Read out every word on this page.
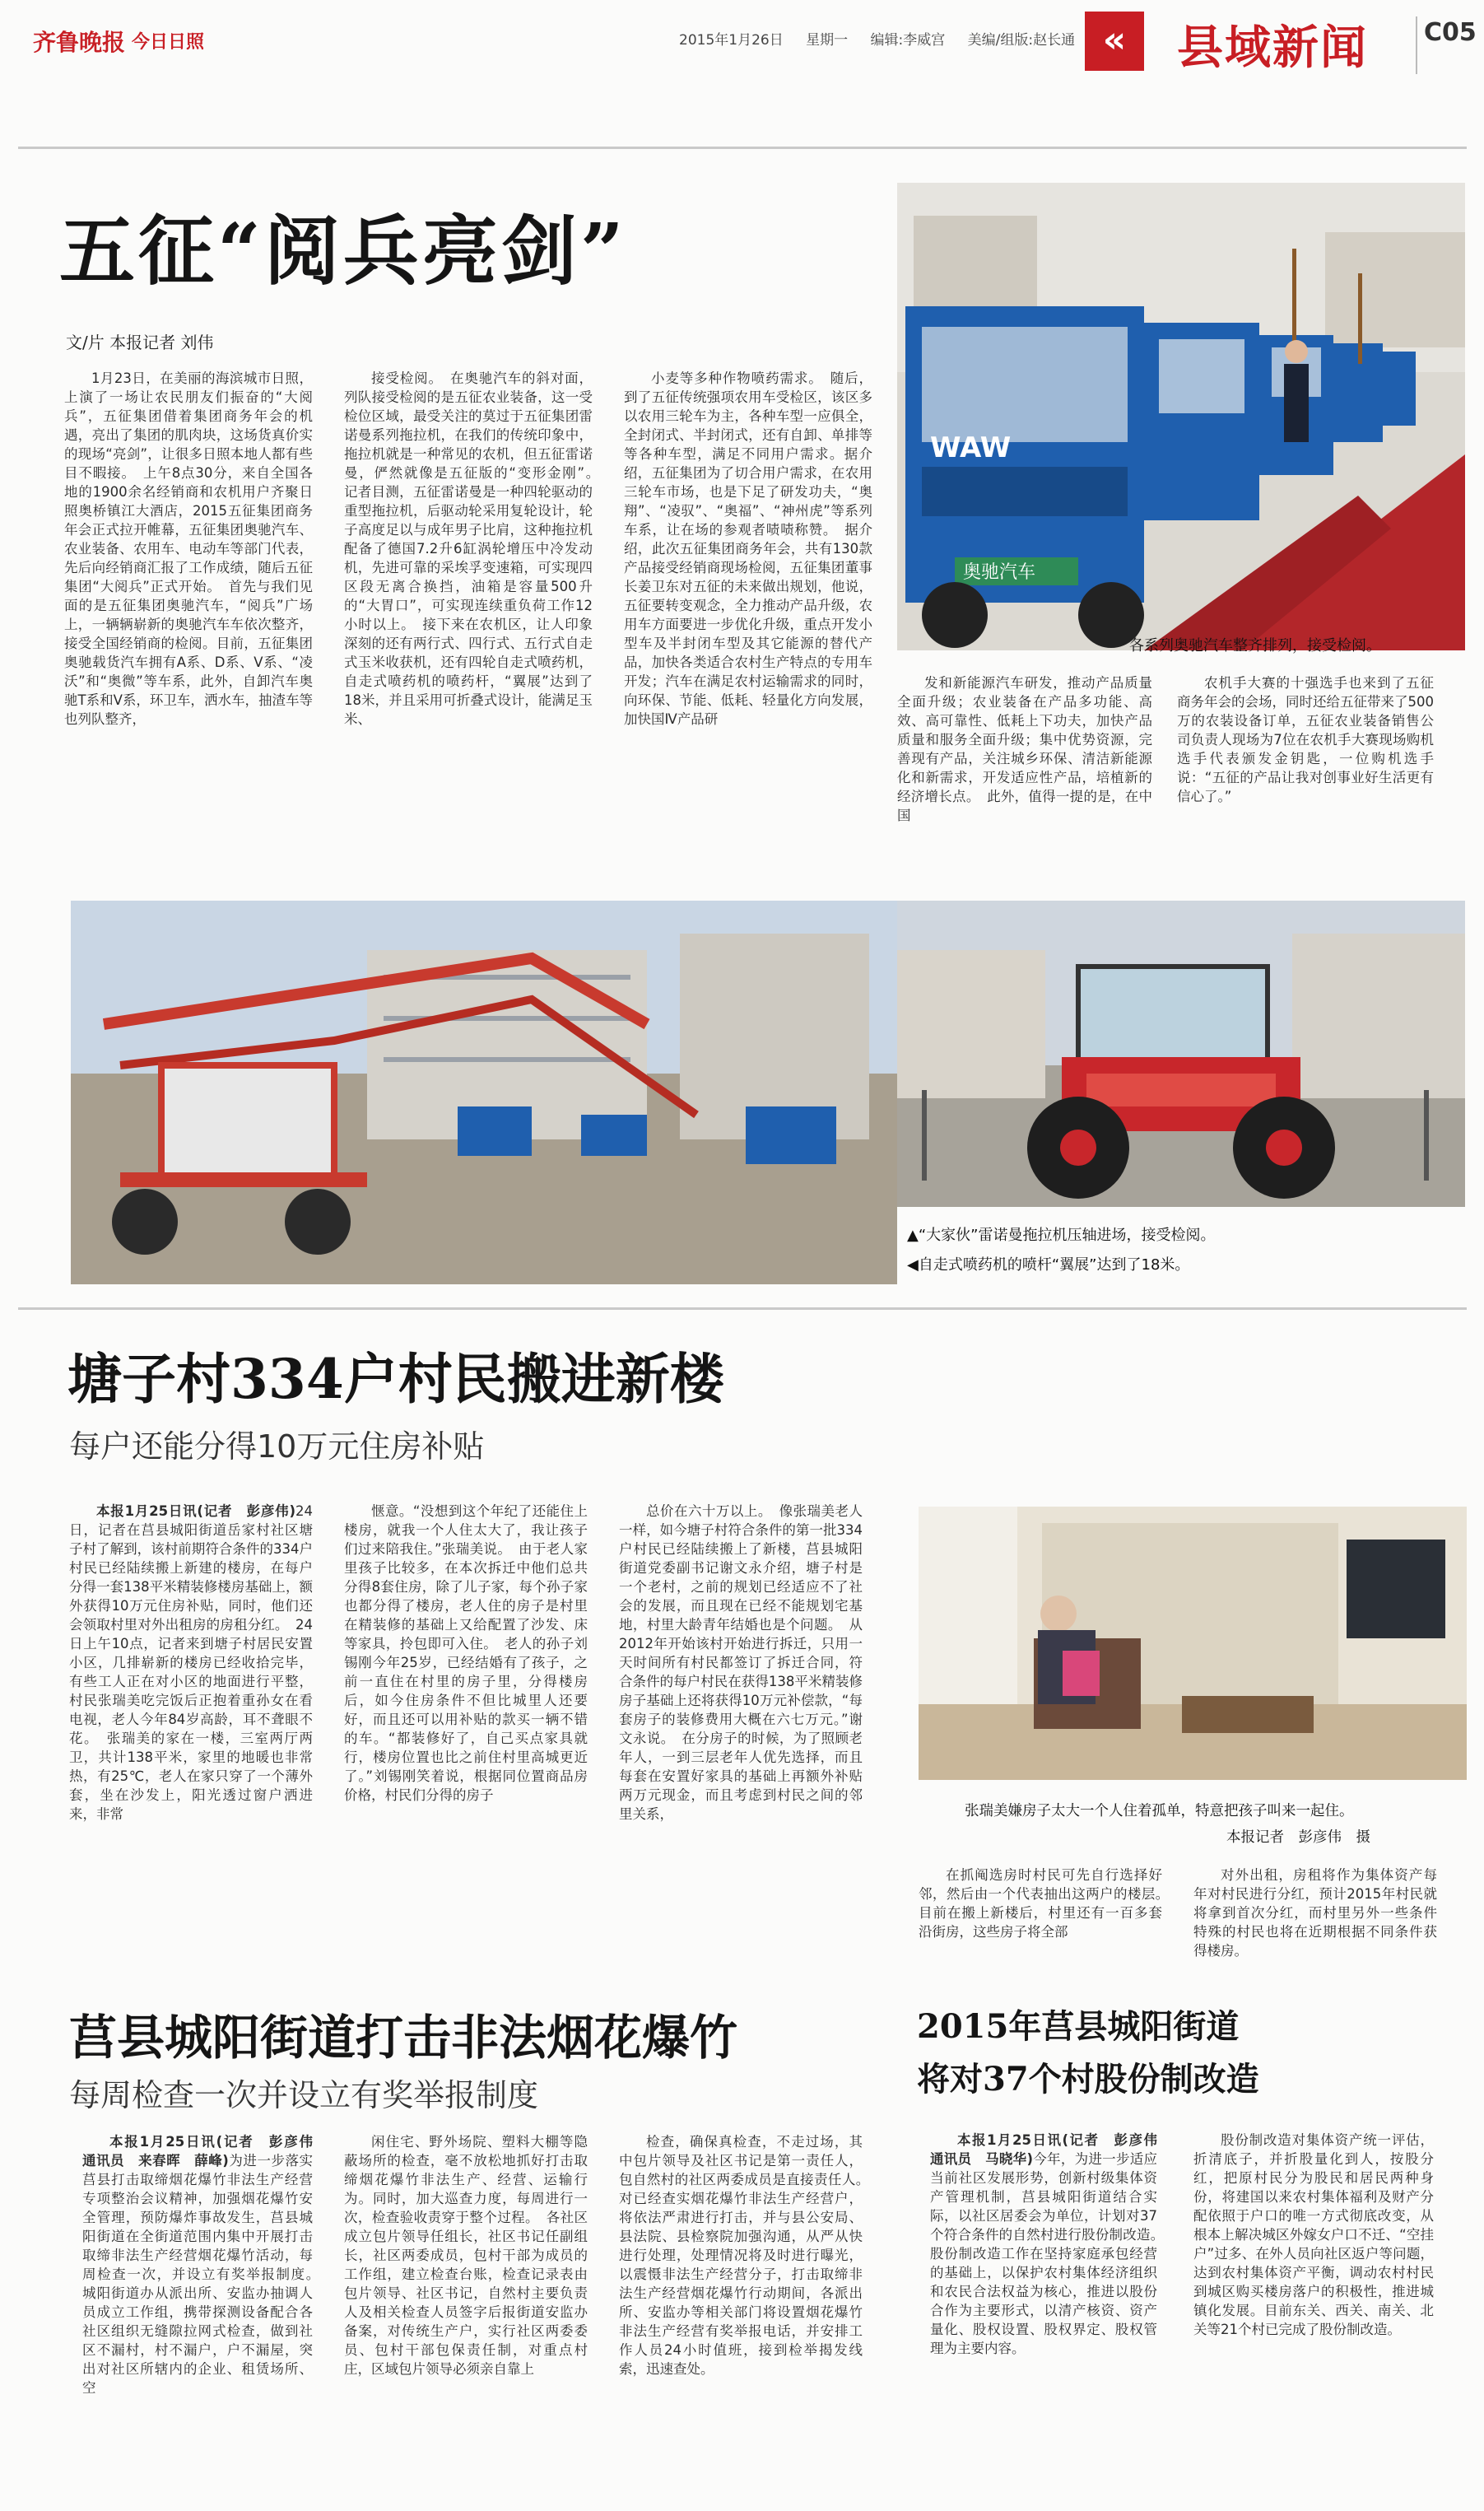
齐鲁晚报 今日日照	2015年1月26日 星期一 编辑:李威宫 美编/组版:赵长通 «	县域新闻 C05
五征“阅兵亮剑”
文/片 本报记者 刘伟

1月23日，在美丽的海滨城市日照，上演了一场让农民朋友们振奋的“大阅兵”，五征集团借着集团商务年会的机遇，亮出了集团的肌肉块，这场货真价实的现场“亮剑”，让很多日照本地人都有些目不暇接。　上午8点30分，来自全国各地的1900余名经销商和农机用户齐聚日照奥桥镇江大酒店，2015五征集团商务年会正式拉开帷幕，五征集团奥驰汽车、农业装备、农用车、电动车等部门代表，先后向经销商汇报了工作成绩，随后五征集团“大阅兵”正式开始。　首先与我们见面的是五征集团奥驰汽车，“阅兵”广场上，一辆辆崭新的奥驰汽车车依次整齐，接受全国经销商的检阅。目前，五征集团奥驰载货汽车拥有A系、D系、V系、“凌沃”和“奥微”等车系，此外，自卸汽车奥驰T系和V系，环卫车，洒水车，抽渣车等也列队整齐，

接受检阅。　在奥驰汽车的斜对面，列队接受检阅的是五征农业装备，这一受检位区域，最受关注的莫过于五征集团雷诺曼系列拖拉机，在我们的传统印象中，拖拉机就是一种常见的农机，但五征雷诺曼，俨然就像是五征版的“变形金刚”。　记者目测，五征雷诺曼是一种四轮驱动的重型拖拉机，后驱动轮采用复轮设计，轮子高度足以与成年男子比肩，这种拖拉机配备了德国7.2升6缸涡轮增压中冷发动机，先进可靠的采埃孚变速箱，可实现四区段无离合换挡，油箱是容量500升的“大胃口”，可实现连续重负荷工作12小时以上。　接下来在农机区，让人印象深刻的还有两行式、四行式、五行式自走式玉米收获机，还有四轮自走式喷药机，自走式喷药机的喷药杆，“翼展”达到了18米，并且采用可折叠式设计，能满足玉米、

小麦等多种作物喷药需求。　随后，到了五征传统强项农用车受检区，该区多以农用三轮车为主，各种车型一应俱全，全封闭式、半封闭式，还有自卸、单排等等各种车型，满足不同用户需求。据介绍，五征集团为了切合用户需求，在农用三轮车市场，也是下足了研发功夫，“奥翔”、“凌驭”、“奥福”、“神州虎”等系列车系，让在场的参观者啧啧称赞。　据介绍，此次五征集团商务年会，共有130款产品接受经销商现场检阅，五征集团董事长姜卫东对五征的未来做出规划，他说，五征要转变观念，全力推动产品升级，农用车方面要进一步优化升级，重点开发小型车及半封闭车型及其它能源的替代产品，加快各类适合农村生产特点的专用车开发；汽车在满足农村运输需求的同时，向环保、节能、低耗、轻量化方向发展，加快国Ⅳ产品研

WAW
奥驰汽车
各系列奥驰汽车整齐排列，接受检阅。

发和新能源汽车研发，推动产品质量全面升级；农业装备在产品多功能、高效、高可靠性、低耗上下功夫，加快产品质量和服务全面升级；集中优势资源，完善现有产品，关注城乡环保、清洁新能源化和新需求，开发适应性产品，培植新的经济增长点。　此外，值得一提的是，在中国

农机手大赛的十强选手也来到了五征商务年会的会场，同时还给五征带来了500万的农装设备订单，五征农业装备销售公司负责人现场为7位在农机手大赛现场购机选手代表颁发金钥匙，一位购机选手说：“五征的产品让我对创事业好生活更有信心了。”

▲“大家伙”雷诺曼拖拉机压轴进场，接受检阅。
◀自走式喷药机的喷杆“翼展”达到了18米。
塘子村334户村民搬进新楼
每户还能分得10万元住房补贴

本报1月25日讯(记者　彭彦伟)24日，记者在莒县城阳街道岳家村社区塘子村了解到，该村前期符合条件的334户村民已经陆续搬上新建的楼房，在每户分得一套138平米精装修楼房基础上，额外获得10万元住房补贴，同时，他们还会领取村里对外出租房的房租分红。　24日上午10点，记者来到塘子村居民安置小区，几排崭新的楼房已经收拾完毕，有些工人正在对小区的地面进行平整，村民张瑞美吃完饭后正抱着重孙女在看电视，老人今年84岁高龄，耳不聋眼不花。　张瑞美的家在一楼，三室两厅两卫，共计138平米，家里的地暖也非常热，有25℃，老人在家只穿了一个薄外套，坐在沙发上，阳光透过窗户洒进来，非常

惬意。“没想到这个年纪了还能住上楼房，就我一个人住太大了，我让孩子们过来陪我住。”张瑞美说。　由于老人家里孩子比较多，在本次拆迁中他们总共分得8套住房，除了儿子家，每个孙子家也都分得了楼房，老人住的房子是村里在精装修的基础上又给配置了沙发、床等家具，拎包即可入住。　老人的孙子刘锡刚今年25岁，已经结婚有了孩子，之前一直住在村里的房子里，分得楼房后，如今住房条件不但比城里人还要好，而且还可以用补贴的款买一辆不错的车。“都装修好了，自己买点家具就行，楼房位置也比之前住村里高城更近了。”刘锡刚笑着说，根据同位置商品房价格，村民们分得的房子

总价在六十万以上。　像张瑞美老人一样，如今塘子村符合条件的第一批334户村民已经陆续搬上了新楼，莒县城阳街道党委副书记谢文永介绍，塘子村是一个老村，之前的规划已经适应不了社会的发展，而且现在已经不能规划宅基地，村里大龄青年结婚也是个问题。　从2012年开始该村开始进行拆迁，只用一天时间所有村民都签订了拆迁合同，符合条件的每户村民在获得138平米精装修房子基础上还将获得10万元补偿款，“每套房子的装修费用大概在六七万元。”谢文永说。　在分房子的时候，为了照顾老年人，一到三层老年人优先选择，而且每套在安置好家具的基础上再额外补贴两万元现金，而且考虑到村民之间的邻里关系，	张瑞美嫌房子太大一个人住着孤单，特意把孩子叫来一起住。
本报记者　彭彦伟　摄

在抓阄选房时村民可先自行选择好邻，然后由一个代表抽出这两户的楼层。　目前在搬上新楼后，村里还有一百多套沿街房，这些房子将全部

对外出租，房租将作为集体资产每年对村民进行分红，预计2015年村民就将拿到首次分红，而村里另外一些条件特殊的村民也将在近期根据不同条件获得楼房。

莒县城阳街道打击非法烟花爆竹
每周检查一次并设立有奖举报制度

本报1月25日讯(记者　彭彦伟　通讯员　来春晖　薛峰)为进一步落实莒县打击取缔烟花爆竹非法生产经营专项整治会议精神，加强烟花爆竹安全管理，预防爆炸事故发生，莒县城阳街道在全街道范围内集中开展打击取缔非法生产经营烟花爆竹活动，每周检查一次，并设立有奖举报制度。　城阳街道办从派出所、安监办抽调人员成立工作组，携带探测设备配合各社区组织无缝隙拉网式检查，做到社区不漏村，村不漏户，户不漏屋，突出对社区所辖内的企业、租赁场所、空

闲住宅、野外场院、塑料大棚等隐蔽场所的检查，毫不放松地抓好打击取缔烟花爆竹非法生产、经营、运输行为。同时，加大巡查力度，每周进行一次，检查验收责穿于整个过程。　各社区成立包片领导任组长，社区书记任副组长，社区两委成员，包村干部为成员的工作组，建立检查台账，检查记录表由包片领导、社区书记，自然村主要负责人及相关检查人员签字后报街道安监办备案，对传统生产户，实行社区两委委员、包村干部包保责任制，对重点村庄，区域包片领导必须亲自靠上

检查，确保真检查，不走过场，其中包片领导及社区书记是第一责任人，包自然村的社区两委成员是直接责任人。　对已经查实烟花爆竹非法生产经营户，将依法严肃进行打击，并与县公安局、县法院、县检察院加强沟通，从严从快进行处理，处理情况将及时进行曝光，以震慑非法生产经营分子，打击取缔非法生产经营烟花爆竹行动期间，各派出所、安监办等相关部门将设置烟花爆竹非法生产经营有奖举报电话，并安排工作人员24小时值班，接到检举揭发线索，迅速查处。

2015年莒县城阳街道
将对37个村股份制改造

本报1月25日讯(记者　彭彦伟　通讯员　马晓华)今年，为进一步适应当前社区发展形势，创新村级集体资产管理机制，莒县城阳街道结合实际，以社区居委会为单位，计划对37个符合条件的自然村进行股份制改造。　股份制改造工作在坚持家庭承包经营的基础上，以保护农村集体经济组织和农民合法权益为核心，推进以股份合作为主要形式，以清产核资、资产量化、股权设置、股权界定、股权管理为主要内容。

股份制改造对集体资产统一评估，折清底子，并折股量化到人，按股分红，把原村民分为股民和居民两种身份，将建国以来农村集体福利及财产分配依照于户口的唯一方式彻底改变，从根本上解决城区外嫁女户口不迁、“空挂户”过多、在外人员向社区返户等问题，达到农村集体资产平衡，调动农村村民到城区购买楼房落户的积极性，推进城镇化发展。目前东关、西关、南关、北关等21个村已完成了股份制改造。
